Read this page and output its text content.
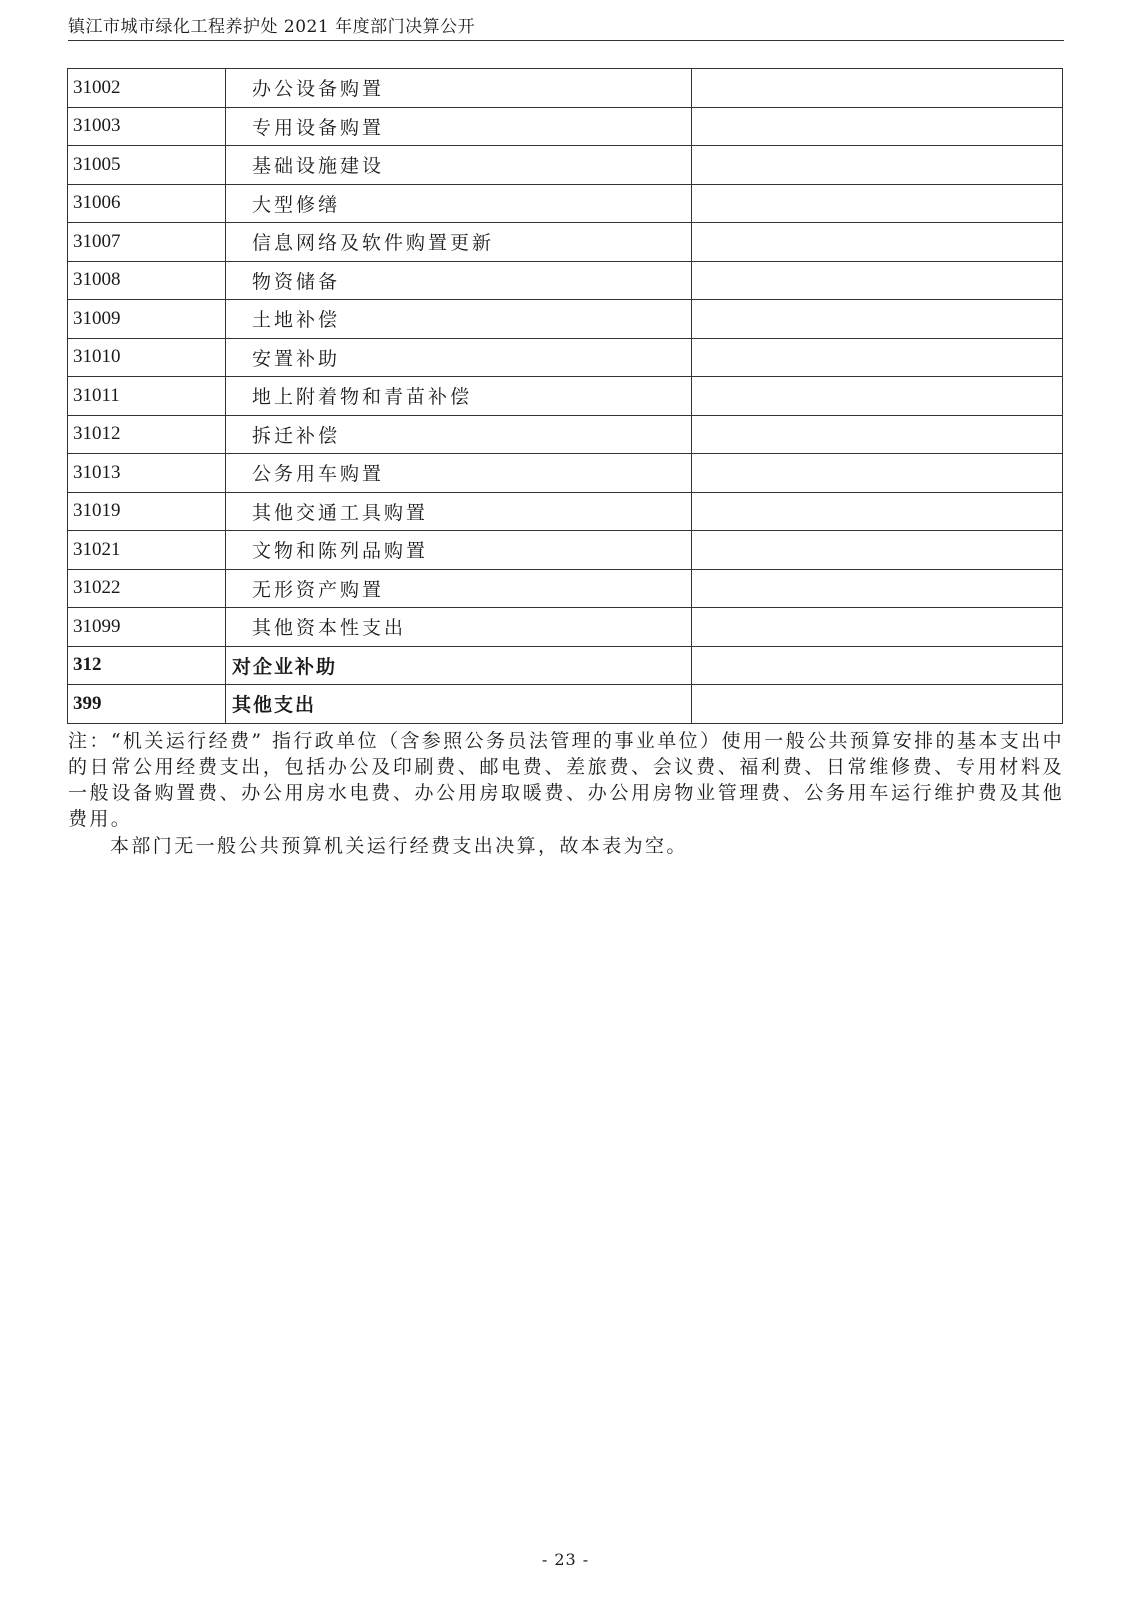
镇江市城市绿化工程养护处 2021 年度部门决算公开
31002	办公设备购置	
31003	专用设备购置	
31005	基础设施建设	
31006	大型修缮	
31007	信息网络及软件购置更新	
31008	物资储备	
31009	土地补偿	
31010	安置补助	
31011	地上附着物和青苗补偿	
31012	拆迁补偿	
31013	公务用车购置	
31019	其他交通工具购置	
31021	文物和陈列品购置	
31022	无形资产购置	
31099	其他资本性支出	
312	对企业补助	
399	其他支出	
注：“机关运行经费” 指行政单位（含参照公务员法管理的事业单位）使用一般公共预算安排的基本支出中的日常公用经费支出，包括办公及印刷费、邮电费、差旅费、会议费、福利费、日常维修费、专用材料及一般设备购置费、办公用房水电费、办公用房取暖费、办公用房物业管理费、公务用车运行维护费及其他费用。
本部门无一般公共预算机关运行经费支出决算，故本表为空。
- 23 -
